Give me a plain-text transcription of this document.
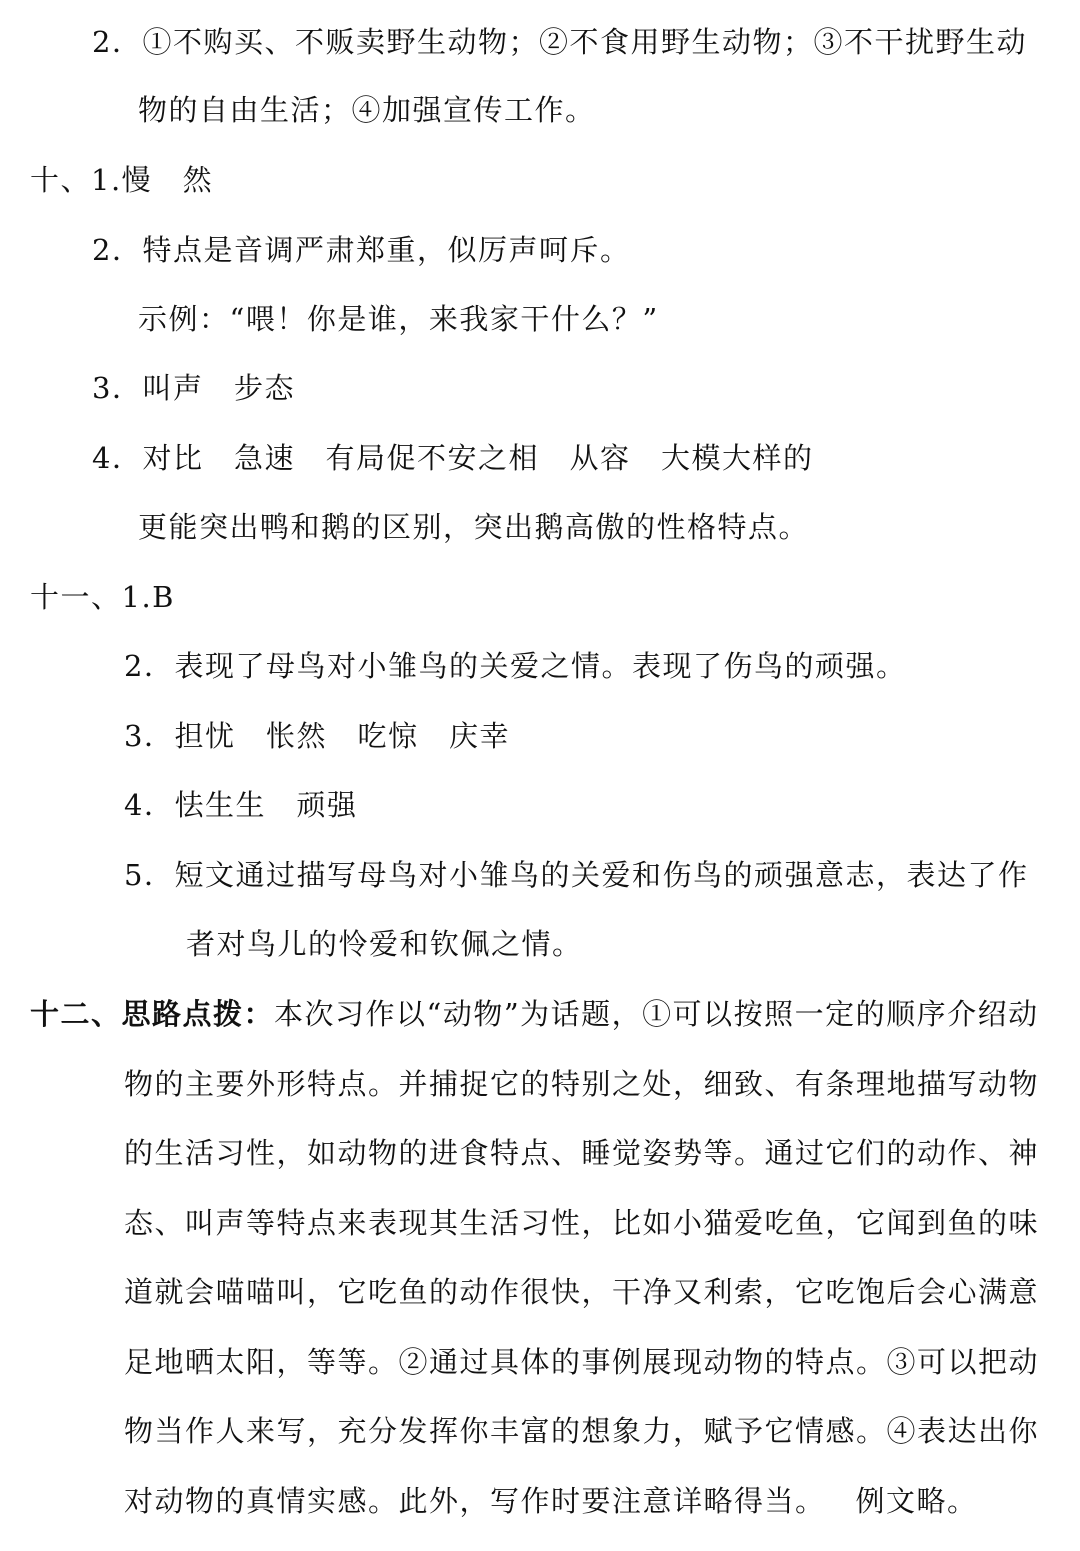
2．①不购买、不贩卖野生动物；②不食用野生动物；③不干扰野生动
物的自由生活；④加强宣传工作。
十、1.慢　然
2．特点是音调严肃郑重，似厉声呵斥。
示例：“喂！你是谁，来我家干什么？”
3．叫声　步态
4．对比　急速　有局促不安之相　从容　大模大样的
更能突出鸭和鹅的区别，突出鹅高傲的性格特点。
十一、1.B
2．表现了母鸟对小雏鸟的关爱之情。表现了伤鸟的顽强。
3．担忧　怅然　吃惊　庆幸
4．怯生生　顽强
5．短文通过描写母鸟对小雏鸟的关爱和伤鸟的顽强意志，表达了作
者对鸟儿的怜爱和钦佩之情。
十二、思路点拨：本次习作以“动物”为话题，①可以按照一定的顺序介绍动
物的主要外形特点。并捕捉它的特别之处，细致、有条理地描写动物
的生活习性，如动物的进食特点、睡觉姿势等。通过它们的动作、神
态、叫声等特点来表现其生活习性，比如小猫爱吃鱼，它闻到鱼的味
道就会喵喵叫，它吃鱼的动作很快，干净又利索，它吃饱后会心满意
足地晒太阳，等等。②通过具体的事例展现动物的特点。③可以把动
物当作人来写，充分发挥你丰富的想象力，赋予它情感。④表达出你
对动物的真情实感。此外，写作时要注意详略得当。 例文略。
